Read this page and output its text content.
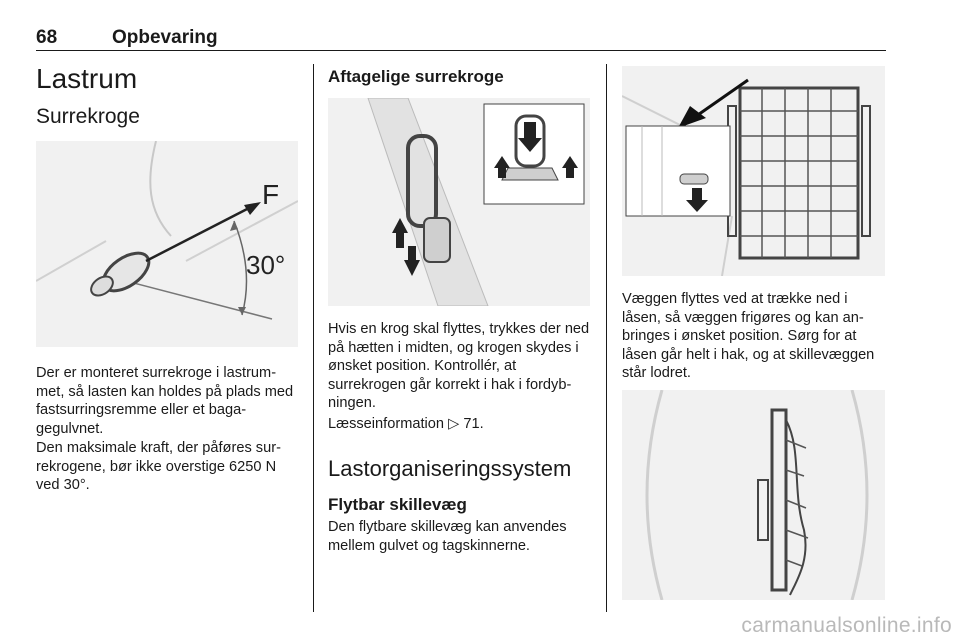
68	Opbevaring
Lastrum
Surrekroge
F
30°

Der er monteret surrekroge i lastrummet, så lasten kan holdes på plads med fastsurringsremme eller et bagagegulvnet.

Den maksimale kraft, der påføres surrekrogene, bør ikke overstige 6250 N ved 30°.

Aftagelige surrekroge

Hvis en krog skal flyttes, trykkes der ned på hætten i midten, og krogen skydes i ønsket position. Kontrollér, at surrekrogen går korrekt i hak i fordybningen.

Læsseinformation ▷ 71.
Lastorganiseringssystem
Flytbar skillevæg

Den flytbare skillevæg kan anvendes mellem gulvet og tagskinnerne.

Væggen flyttes ved at trække ned i låsen, så væggen frigøres og kan anbringes i ønsket position. Sørg for at låsen går helt i hak, og at skillevæggen står lodret.

carmanualsonline.info
